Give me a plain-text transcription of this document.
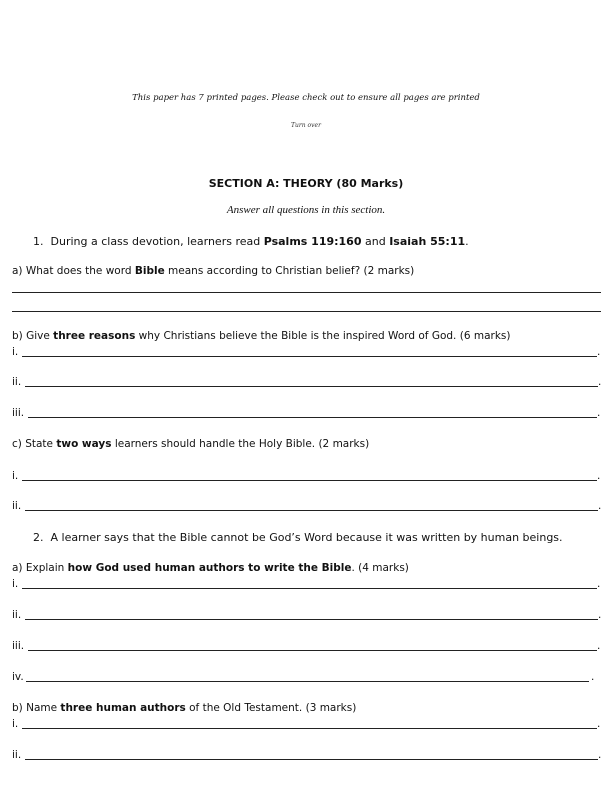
This paper has 7 printed pages. Please check out to ensure all pages are printed
Turn over
SECTION A: THEORY (80 Marks)
Answer all questions in this section.
1. During a class devotion, learners read Psalms 119:160 and Isaiah 55:11.
a) What does the word Bible means according to Christian belief? (2 marks)
b) Give three reasons why Christians believe the Bible is the inspired Word of God. (6 marks)
i.	.
ii.	.
iii.	.
c) State two ways learners should handle the Holy Bible. (2 marks)
i.	.
ii.	.
2. A learner says that the Bible cannot be God’s Word because it was written by human beings.
a) Explain how God used human authors to write the Bible. (4 marks)
i.	.
ii.	.
iii.	.
iv.	.
b) Name three human authors of the Old Testament. (3 marks)
i.	.
ii.	.
